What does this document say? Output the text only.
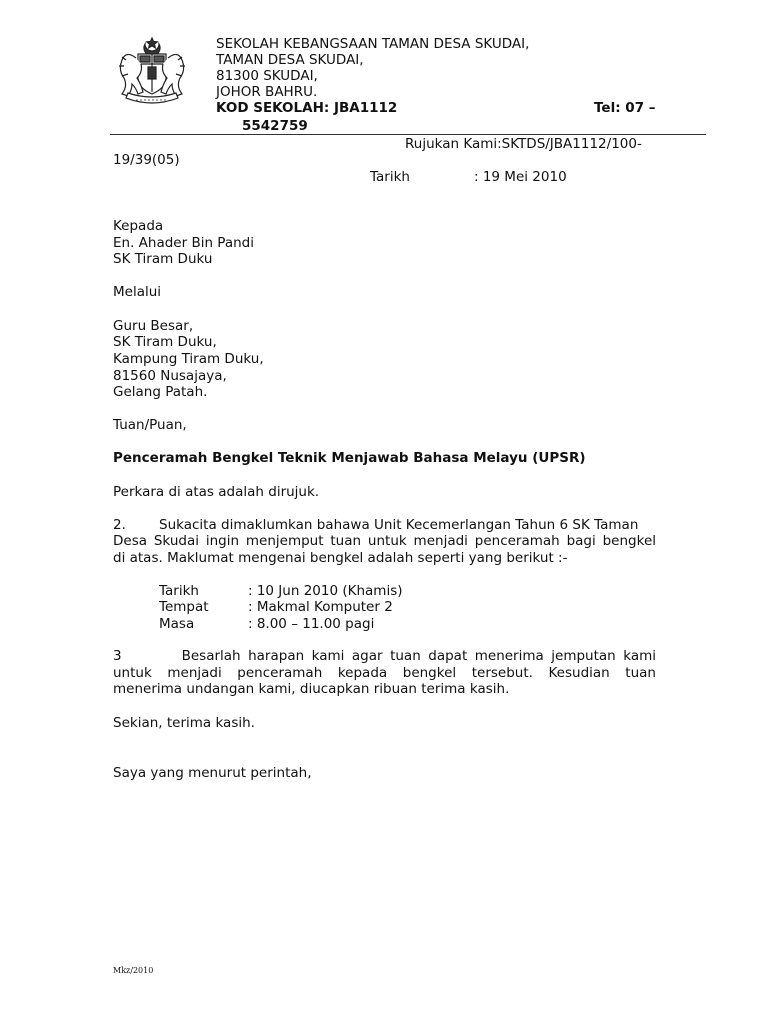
SEKOLAH KEBANGSAAN TAMAN DESA SKUDAI,
TAMAN DESA SKUDAI,
81300 SKUDAI,
JOHOR BAHRU.
KOD SEKOLAH: JBA1112	Tel: 07 –
5542759
Rujukan Kami:SKTDS/JBA1112/100-
19/39(05)
Tarikh	: 19 Mei 2010
Kepada
En. Ahader Bin Pandi
SK Tiram Duku
Melalui
Guru Besar,
SK Tiram Duku,
Kampung Tiram Duku,
81560 Nusajaya,
Gelang Patah.
Tuan/Puan,
Penceramah Bengkel Teknik Menjawab Bahasa Melayu (UPSR)
Perkara di atas adalah dirujuk.
2. Sukacita dimaklumkan bahawa Unit Kecemerlangan Tahun 6 SK Taman
Desa Skudai ingin menjemput tuan untuk menjadi penceramah bagi bengkel
di atas. Maklumat mengenai bengkel adalah seperti yang berikut :-
Tarikh	: 10 Jun 2010 (Khamis)
Tempat	: Makmal Komputer 2
Masa	: 8.00 – 11.00 pagi
3        Besarlah harapan kami agar tuan dapat menerima jemputan kami
untuk menjadi penceramah kepada bengkel tersebut. Kesudian tuan
menerima undangan kami, diucapkan ribuan terima kasih.
Sekian, terima kasih.
Saya yang menurut perintah,
Mkz/2010
